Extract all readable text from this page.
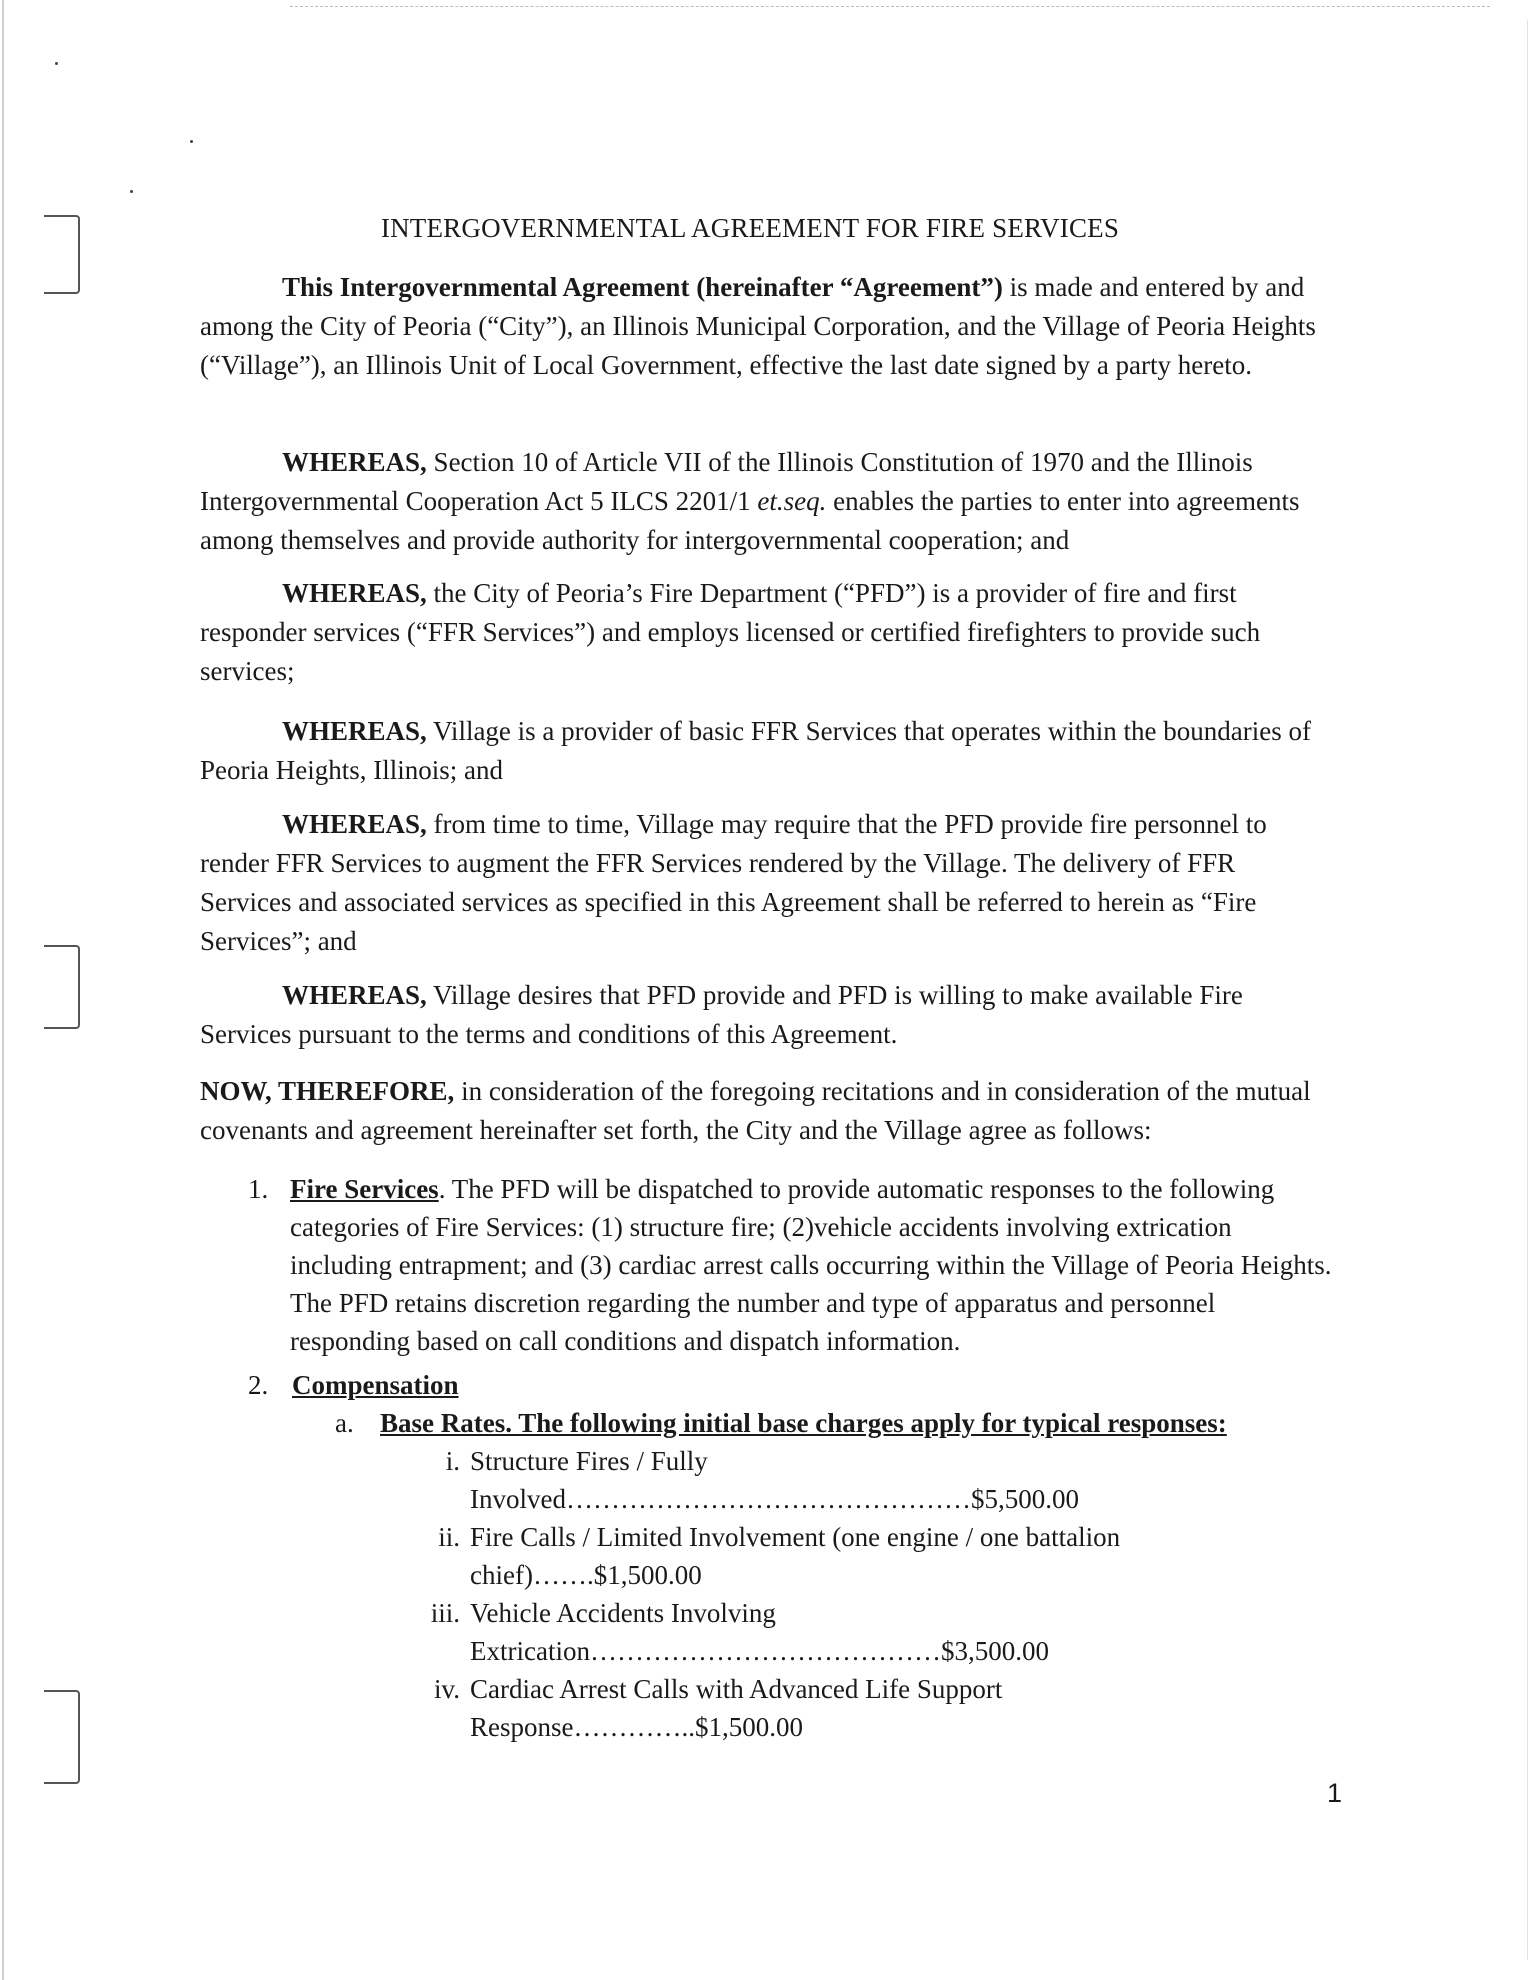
INTERGOVERNMENTAL AGREEMENT FOR FIRE SERVICES

This Intergovernmental Agreement (hereinafter “Agreement”) is made and entered by and among the City of Peoria (“City”), an Illinois Municipal Corporation, and the Village of Peoria Heights (“Village”), an Illinois Unit of Local Government, effective the last date signed by a party hereto.

WHEREAS, Section 10 of Article VII of the Illinois Constitution of 1970 and the Illinois Intergovernmental Cooperation Act 5 ILCS 2201/1 et.seq. enables the parties to enter into agreements among themselves and provide authority for intergovernmental cooperation; and

WHEREAS, the City of Peoria’s Fire Department (“PFD”) is a provider of fire and first responder services (“FFR Services”) and employs licensed or certified firefighters to provide such services;

WHEREAS, Village is a provider of basic FFR Services that operates within the boundaries of Peoria Heights, Illinois; and

WHEREAS, from time to time, Village may require that the PFD provide fire personnel to render FFR Services to augment the FFR Services rendered by the Village. The delivery of FFR Services and associated services as specified in this Agreement shall be referred to herein as “Fire Services”; and

WHEREAS, Village desires that PFD provide and PFD is willing to make available Fire Services pursuant to the terms and conditions of this Agreement.

NOW, THEREFORE, in consideration of the foregoing recitations and in consideration of the mutual covenants and agreement hereinafter set forth, the City and the Village agree as follows:

1. Fire Services. The PFD will be dispatched to provide automatic responses to the following categories of Fire Services: (1) structure fire; (2)vehicle accidents involving extrication including entrapment; and (3) cardiac arrest calls occurring within the Village of Peoria Heights. The PFD retains discretion regarding the number and type of apparatus and personnel responding based on call conditions and dispatch information.
2. Compensation
a. Base Rates. The following initial base charges apply for typical responses:
i. Structure Fires / Fully
Involved………………………………………$5,500.00
ii. Fire Calls / Limited Involvement (one engine / one battalion
chief)…….$1,500.00
iii. Vehicle Accidents Involving
Extrication…………………………………$3,500.00
iv. Cardiac Arrest Calls with Advanced Life Support
Response…………..$1,500.00
1
